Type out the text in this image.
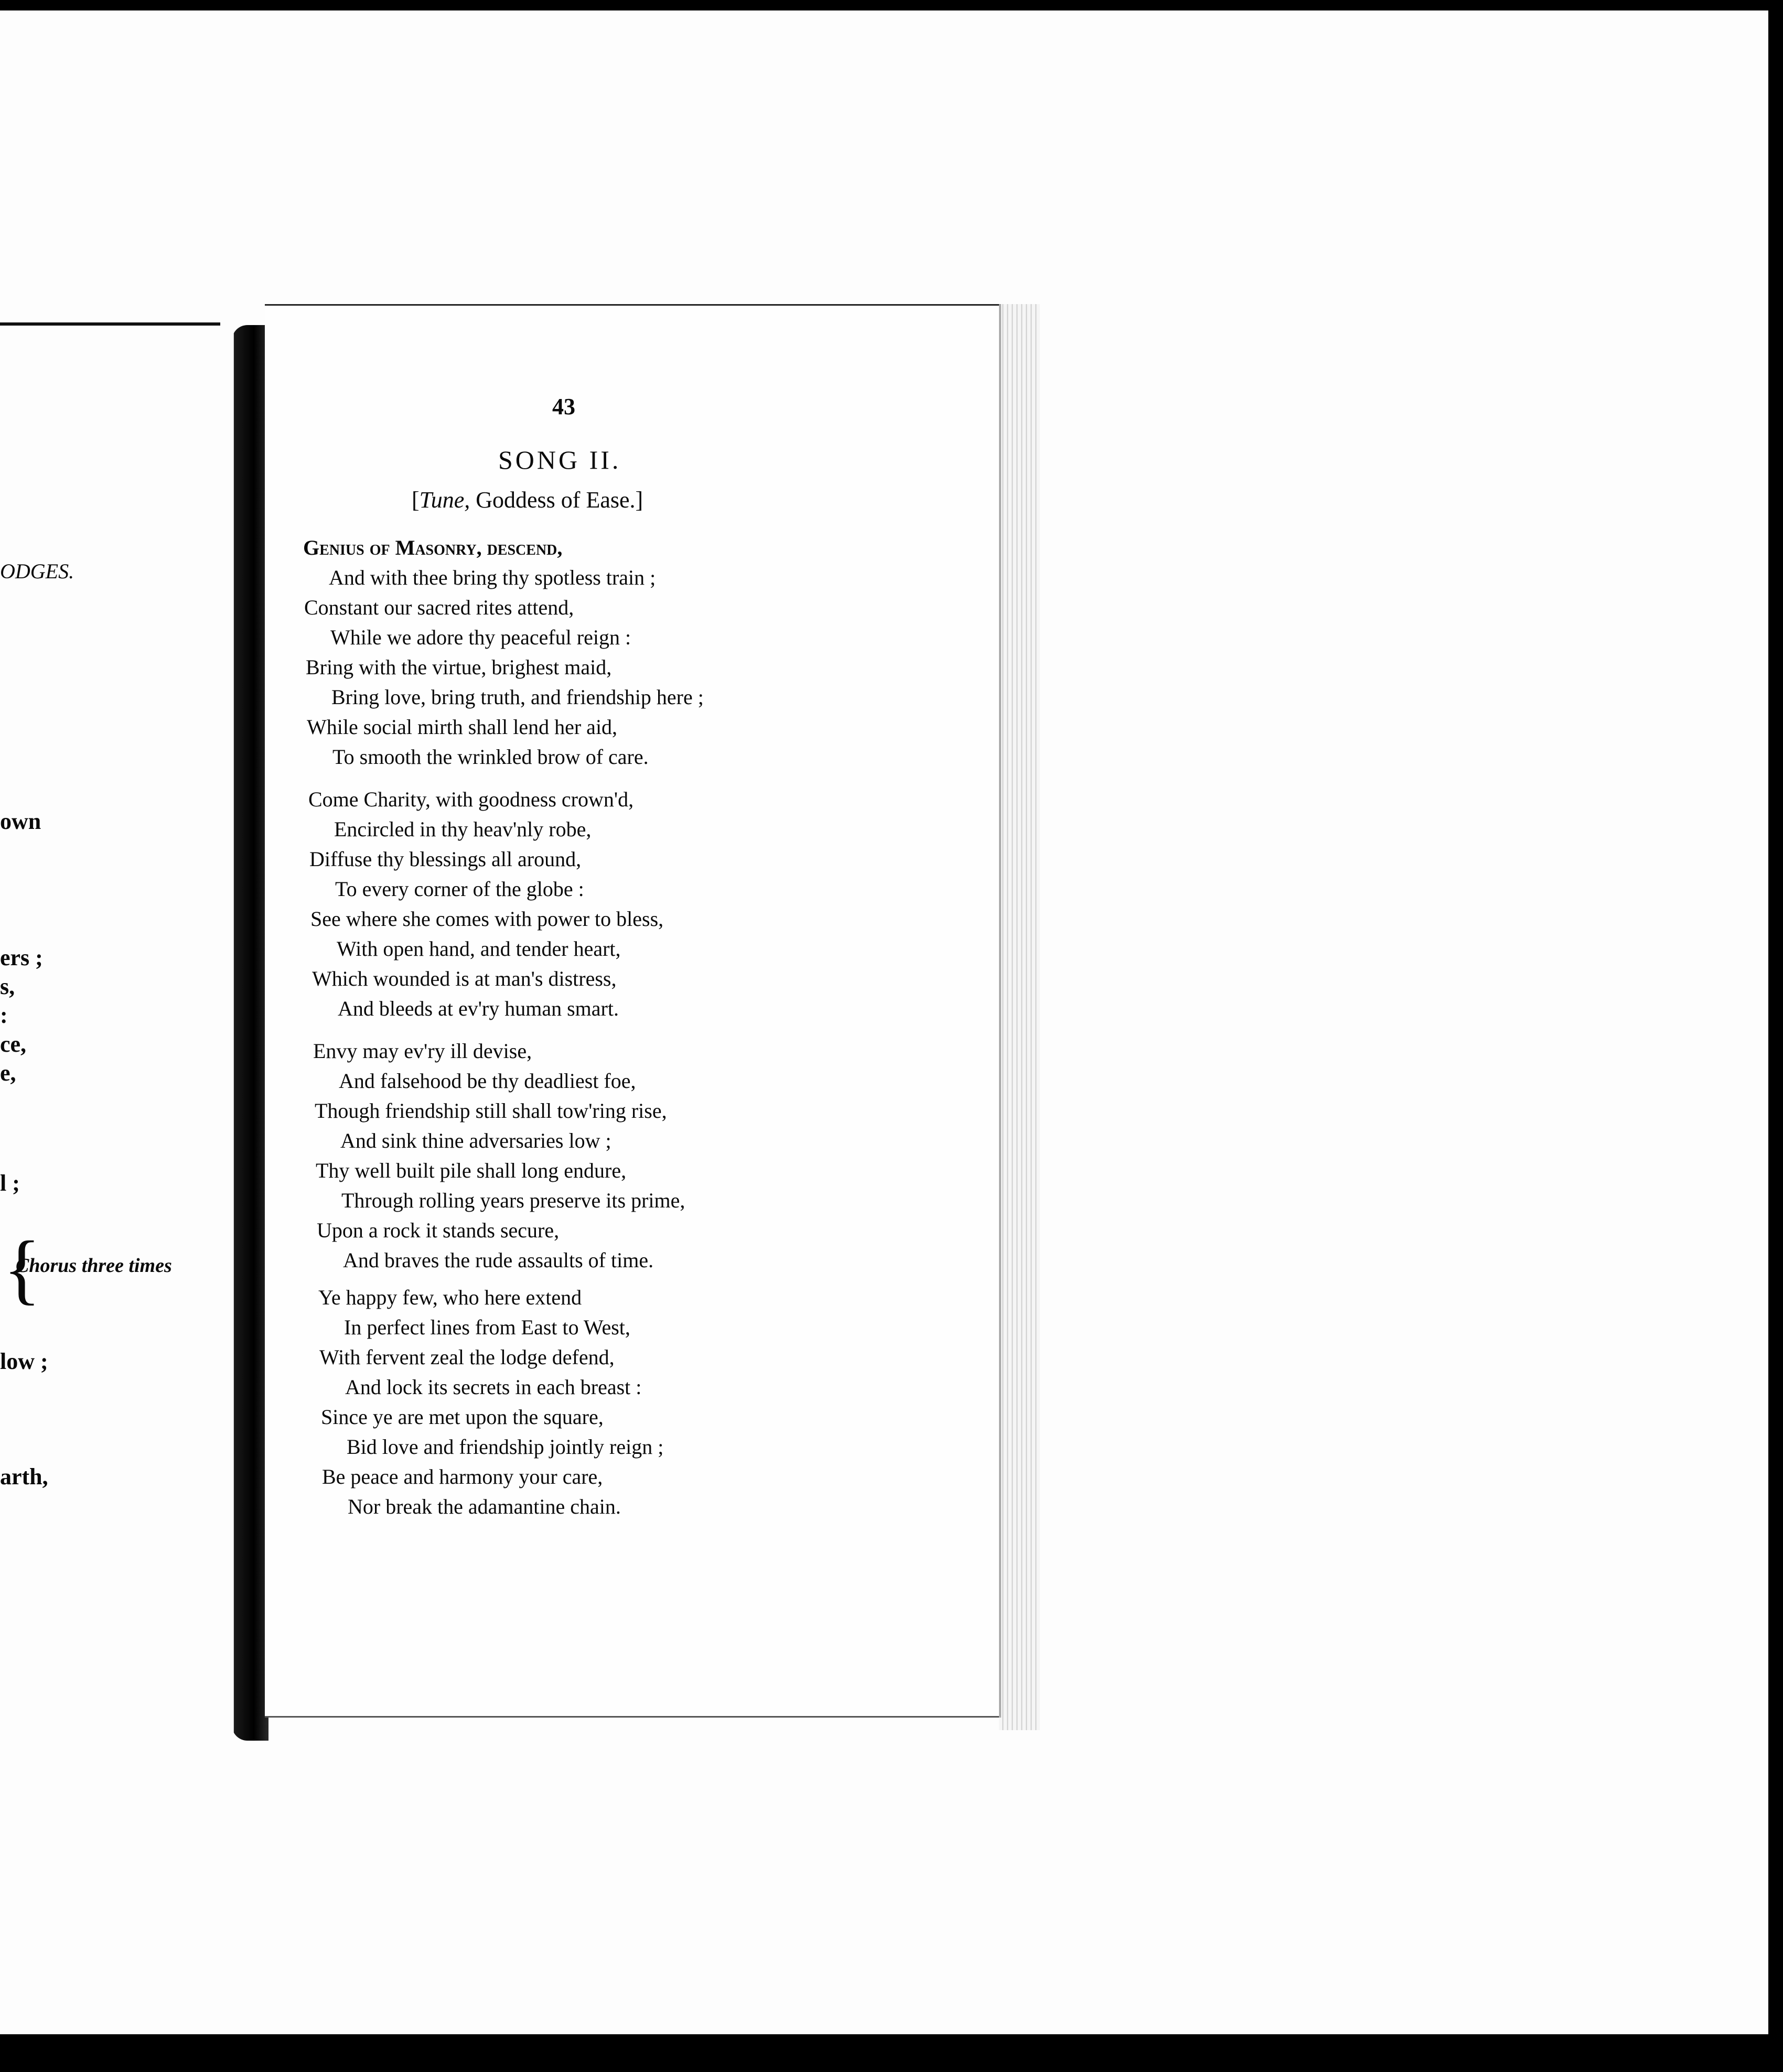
ODGES.
ers ;
s,
:
ce,
e,
own
l ;
low ;
arth,
{
Chorus three times
43
SONG II.
[Tune, Goddess of Ease.]
Genius of Masonry, descend,
And with thee bring thy spotless train ;
Constant our sacred rites attend,
While we adore thy peaceful reign :
Bring with the virtue, brighest maid,
Bring love, bring truth, and friendship here ;
While social mirth shall lend her aid,
To smooth the wrinkled brow of care.
Come Charity, with goodness crown'd,
Encircled in thy heav'nly robe,
Diffuse thy blessings all around,
To every corner of the globe :
See where she comes with power to bless,
With open hand, and tender heart,
Which wounded is at man's distress,
And bleeds at ev'ry human smart.
Envy may ev'ry ill devise,
And falsehood be thy deadliest foe,
Though friendship still shall tow'ring rise,
And sink thine adversaries low ;
Thy well built pile shall long endure,
Through rolling years preserve its prime,
Upon a rock it stands secure,
And braves the rude assaults of time.
Ye happy few, who here extend
In perfect lines from East to West,
With fervent zeal the lodge defend,
And lock its secrets in each breast :
Since ye are met upon the square,
Bid love and friendship jointly reign ;
Be peace and harmony your care,
Nor break the adamantine chain.
